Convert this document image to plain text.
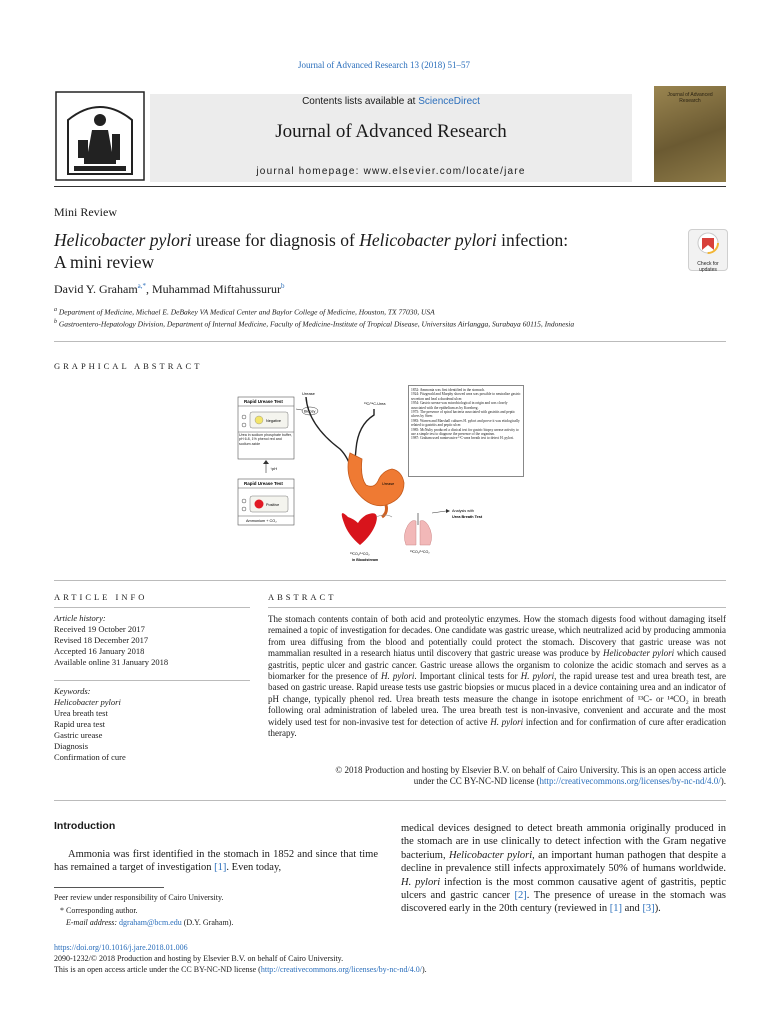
Journal of Advanced Research 13 (2018) 51–57
Contents lists available at ScienceDirect
Journal of Advanced Research
journal homepage: www.elsevier.com/locate/jare
Journal of Advanced Research
Mini Review
Helicobacter pylori urease for diagnosis of Helicobacter pylori infection:
A mini review	Check for updates
David Y. Graham$^{a,*}$, Muhammad Miftahussurur$^b$
$^a$ Department of Medicine, Michael E. DeBakey VA Medical Center and Baylor College of Medicine, Houston, TX 77030, USA
$^b$ Gastroentero-Hepatology Division, Department of Internal Medicine, Faculty of Medicine-Institute of Tropical Disease, Universitas Airlangga, Surabaya 60115, Indonesia
GRAPHICAL ABSTRACT
Rapid Urease Test
Negative
Urea in sodium phosphate buffer, pH 6.8, 1% phenol red and sodium azide
↑pH
Rapid Urease Test
Positive
Ammonium + CO₂
Urease
Biopsy
¹³C/¹⁴C-Urea
Urease
¹³CO₂/¹⁴CO₂
in Bloodstream
¹³CO₂/¹⁴CO₂
Analysis with
Urea Breath Test
1852: Ammonia was first identified in the stomach.
1924: Fitzgerald and Murphy showed urea was possible to neutralize gastric secretion and heal a duodenal ulcer.
1954: Gastric urease was microbiological in origin and was closely associated with the epithelium as by Kornberg.
1975: The presence of spiral bacteria associated with gastritis and peptic ulcers by Steer.
1983: Warren and Marshall cultures H. pylori and prove it was etiologically related to gastritis and peptic ulcer.
1985: McNulty produced a clinical test for gastric biopsy urease activity to use a simple test to diagnose the presence of the organism.
1987: Graham used noninvasive ¹³C-urea breath test to detect H. pylori.
ARTICLE INFO	ABSTRACT
Article history:
Received 19 October 2017
Revised 18 December 2017
Accepted 16 January 2018
Available online 31 January 2018
Keywords:
Helicobacter pylori
Urea breath test
Rapid urea test
Gastric urease
Diagnosis
Confirmation of cure
The stomach contents contain of both acid and proteolytic enzymes. How the stomach digests food without damaging itself remained a topic of investigation for decades. One candidate was gastric urease, which neutralized acid by producing ammonia from urea diffusing from the blood and potentially could protect the stomach. Discovery that gastric urease was not mammalian resulted in a research hiatus until discovery that gastric urease was produce by Helicobacter pylori which caused gastritis, peptic ulcer and gastric cancer. Gastric urease allows the organism to colonize the acidic stomach and serves as a biomarker for the presence of H. pylori. Important clinical tests for H. pylori, the rapid urease test and urea breath test, are based on gastric urease. Rapid urease tests use gastric biopsies or mucus placed in a device containing urea and an indicator of pH change, typically phenol red. Urea breath tests measure the change in isotope enrichment of ¹³C- or ¹⁴CO₂ in breath following oral administration of labeled urea. The urea breath test is non-invasive, convenient and accurate and the most widely used test for non-invasive test for detection of active H. pylori infection and for confirmation of cure after eradication therapy.
© 2018 Production and hosting by Elsevier B.V. on behalf of Cairo University. This is an open access article
under the CC BY-NC-ND license (http://creativecommons.org/licenses/by-nc-nd/4.0/).
Introduction
Ammonia was first identified in the stomach in 1852 and since that time has remained a target of investigation [1]. Even today,
medical devices designed to detect breath ammonia originally produced in the stomach are in use clinically to detect infection with the Gram negative bacterium, Helicobacter pylori, an important human pathogen that despite a decline in prevalence still infects approximately 50% of humans worldwide. H. pylori infection is the most common causative agent of gastritis, peptic ulcers and gastric cancer [2]. The presence of urease in the stomach was discovered early in the 20th century (reviewed in [1] and [3]).
Peer review under responsibility of Cairo University.
* Corresponding author.
E-mail address: dgraham@bcm.edu (D.Y. Graham).
https://doi.org/10.1016/j.jare.2018.01.006
2090-1232/© 2018 Production and hosting by Elsevier B.V. on behalf of Cairo University.
This is an open access article under the CC BY-NC-ND license (http://creativecommons.org/licenses/by-nc-nd/4.0/).
